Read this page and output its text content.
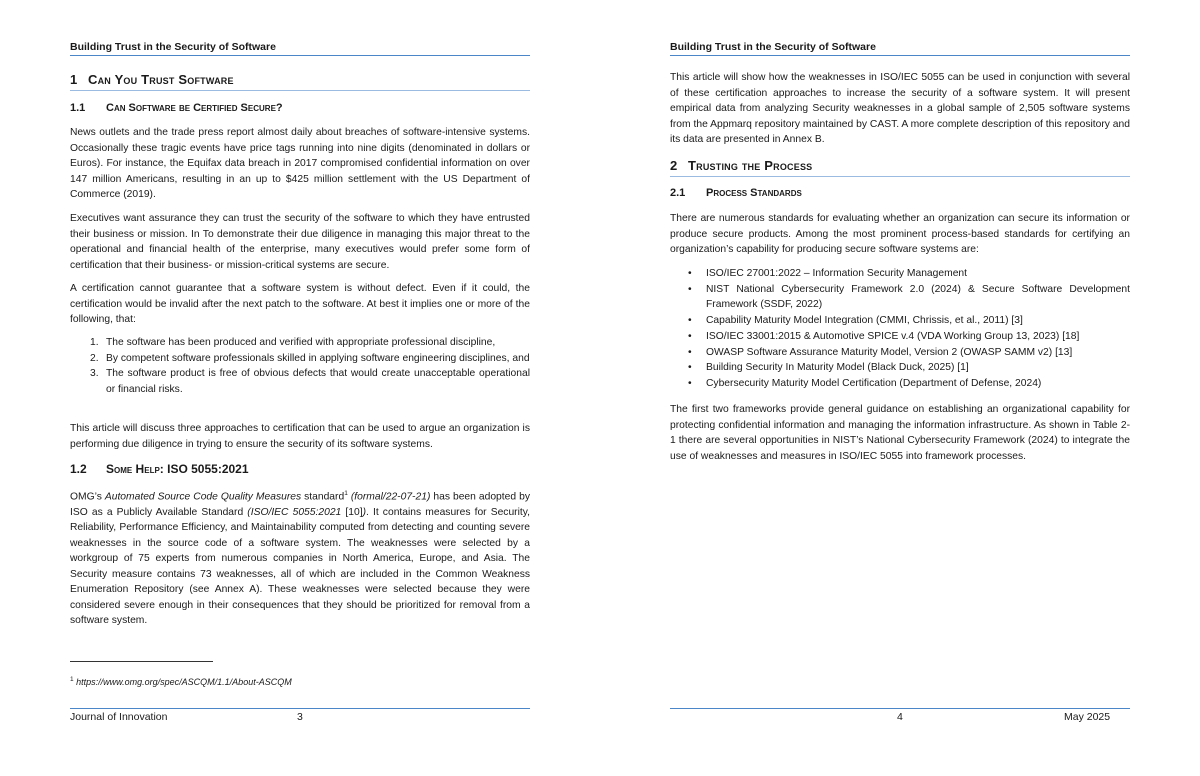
Building Trust in the Security of Software
1 Can You Trust Software
1.1 Can Software be Certified Secure?
News outlets and the trade press report almost daily about breaches of software-intensive systems. Occasionally these tragic events have price tags running into nine digits (denominated in dollars or Euros). For instance, the Equifax data breach in 2017 compromised confidential information on over 147 million Americans, resulting in an up to $425 million settlement with the US Department of Commerce (2019).
Executives want assurance they can trust the security of the software to which they have entrusted their business or mission. In To demonstrate their due diligence in managing this major threat to the operational and financial health of the enterprise, many executives would prefer some form of certification that their business- or mission-critical systems are secure.
A certification cannot guarantee that a software system is without defect. Even if it could, the certification would be invalid after the next patch to the software. At best it implies one or more of the following, that:
1. The software has been produced and verified with appropriate professional discipline,
2. By competent software professionals skilled in applying software engineering disciplines, and
3. The software product is free of obvious defects that would create unacceptable operational or financial risks.
This article will discuss three approaches to certification that can be used to argue an organization is performing due diligence in trying to ensure the security of its software systems.
1.2 Some Help: ISO 5055:2021
OMG’s Automated Source Code Quality Measures standard$^1$ (formal/22-07-21) has been adopted by ISO as a Publicly Available Standard (ISO/IEC 5055:2021 [10]). It contains measures for Security, Reliability, Performance Efficiency, and Maintainability computed from detecting and counting severe weaknesses in the source code of a software system. The weaknesses were selected by a workgroup of 75 experts from numerous companies in North America, Europe, and Asia. The Security measure contains 73 weaknesses, all of which are included in the Common Weakness Enumeration Repository (see Annex A). These weaknesses were selected because they were considered severe enough in their consequences that they should be prioritized for removal from a software system.
$^1$ https://www.omg.org/spec/ASCQM/1.1/About-ASCQM
Journal of Innovation	3
Building Trust in the Security of Software
This article will show how the weaknesses in ISO/IEC 5055 can be used in conjunction with several of these certification approaches to increase the security of a software system. It will present empirical data from analyzing Security weaknesses in a global sample of 2,505 software systems from the Appmarq repository maintained by CAST. A more complete description of this repository and its data are presented in Annex B.
2 Trusting the Process
2.1 Process Standards
There are numerous standards for evaluating whether an organization can secure its information or produce secure products. Among the most prominent process-based standards for certifying an organization’s capability for producing secure software systems are:
• ISO/IEC 27001:2022 – Information Security Management
• NIST National Cybersecurity Framework 2.0 (2024) & Secure Software Development Framework (SSDF, 2022)
• Capability Maturity Model Integration (CMMI, Chrissis, et al., 2011) [3]
• ISO/IEC 33001:2015 & Automotive SPICE v.4 (VDA Working Group 13, 2023) [18]
• OWASP Software Assurance Maturity Model, Version 2 (OWASP SAMM v2) [13]
• Building Security In Maturity Model (Black Duck, 2025) [1]
• Cybersecurity Maturity Model Certification (Department of Defense, 2024)
The first two frameworks provide general guidance on establishing an organizational capability for protecting confidential information and managing the information infrastructure. As shown in Table 2-1 there are several opportunities in NIST’s National Cybersecurity Framework (2024) to integrate the use of weaknesses and measures in ISO/IEC 5055 into framework processes.
4	May 2025
